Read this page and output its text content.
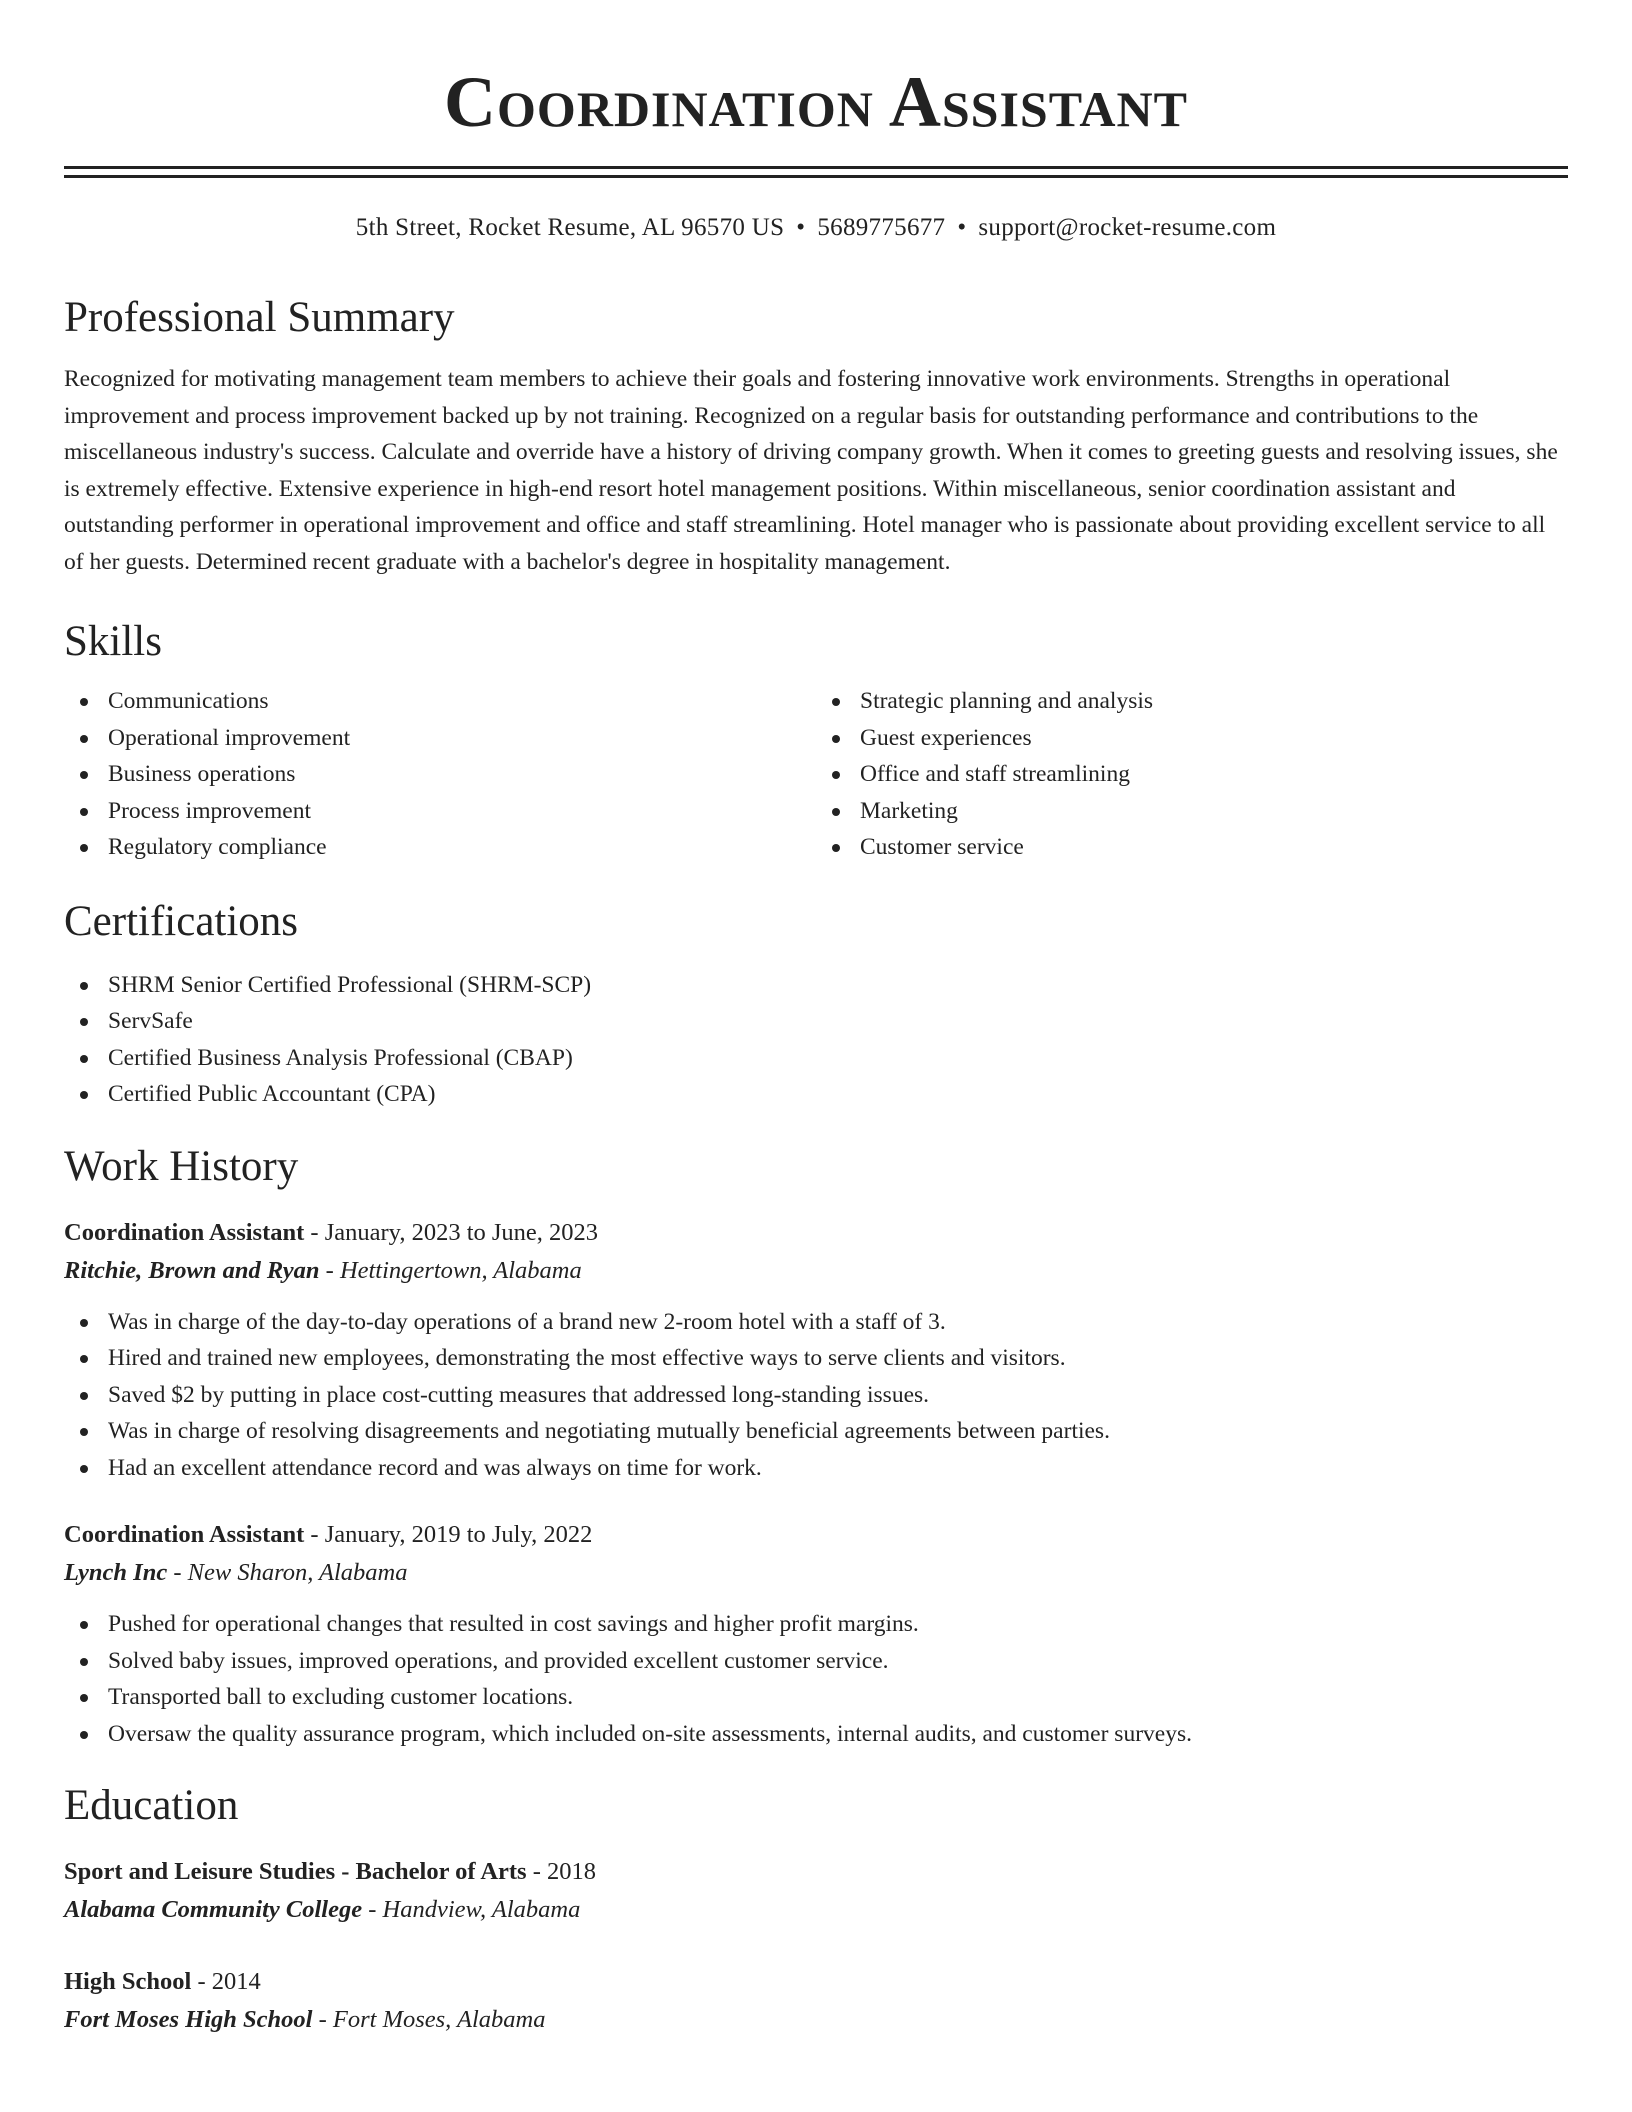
Coordination Assistant
5th Street, Rocket Resume, AL 96570 US • 5689775677 • support@rocket-resume.com
Professional Summary

Recognized for motivating management team members to achieve their goals and fostering innovative work environments. Strengths in operational improvement and process improvement backed up by not training. Recognized on a regular basis for outstanding performance and contributions to the miscellaneous industry's success. Calculate and override have a history of driving company growth. When it comes to greeting guests and resolving issues, she is extremely effective. Extensive experience in high-end resort hotel management positions. Within miscellaneous, senior coordination assistant and outstanding performer in operational improvement and office and staff streamlining. Hotel manager who is passionate about providing excellent service to all of her guests. Determined recent graduate with a bachelor's degree in hospitality management.

Skills
Communications
Operational improvement
Business operations
Process improvement
Regulatory compliance
Strategic planning and analysis
Guest experiences
Office and staff streamlining
Marketing
Customer service
Certifications
SHRM Senior Certified Professional (SHRM-SCP)
ServSafe
Certified Business Analysis Professional (CBAP)
Certified Public Accountant (CPA)
Work History
Coordination Assistant - January, 2023 to June, 2023
Ritchie, Brown and Ryan - Hettingertown, Alabama
Was in charge of the day-to-day operations of a brand new 2-room hotel with a staff of 3.
Hired and trained new employees, demonstrating the most effective ways to serve clients and visitors.
Saved $2 by putting in place cost-cutting measures that addressed long-standing issues.
Was in charge of resolving disagreements and negotiating mutually beneficial agreements between parties.
Had an excellent attendance record and was always on time for work.
Coordination Assistant - January, 2019 to July, 2022
Lynch Inc - New Sharon, Alabama
Pushed for operational changes that resulted in cost savings and higher profit margins.
Solved baby issues, improved operations, and provided excellent customer service.
Transported ball to excluding customer locations.
Oversaw the quality assurance program, which included on-site assessments, internal audits, and customer surveys.
Education
Sport and Leisure Studies - Bachelor of Arts - 2018
Alabama Community College - Handview, Alabama
High School - 2014
Fort Moses High School - Fort Moses, Alabama
